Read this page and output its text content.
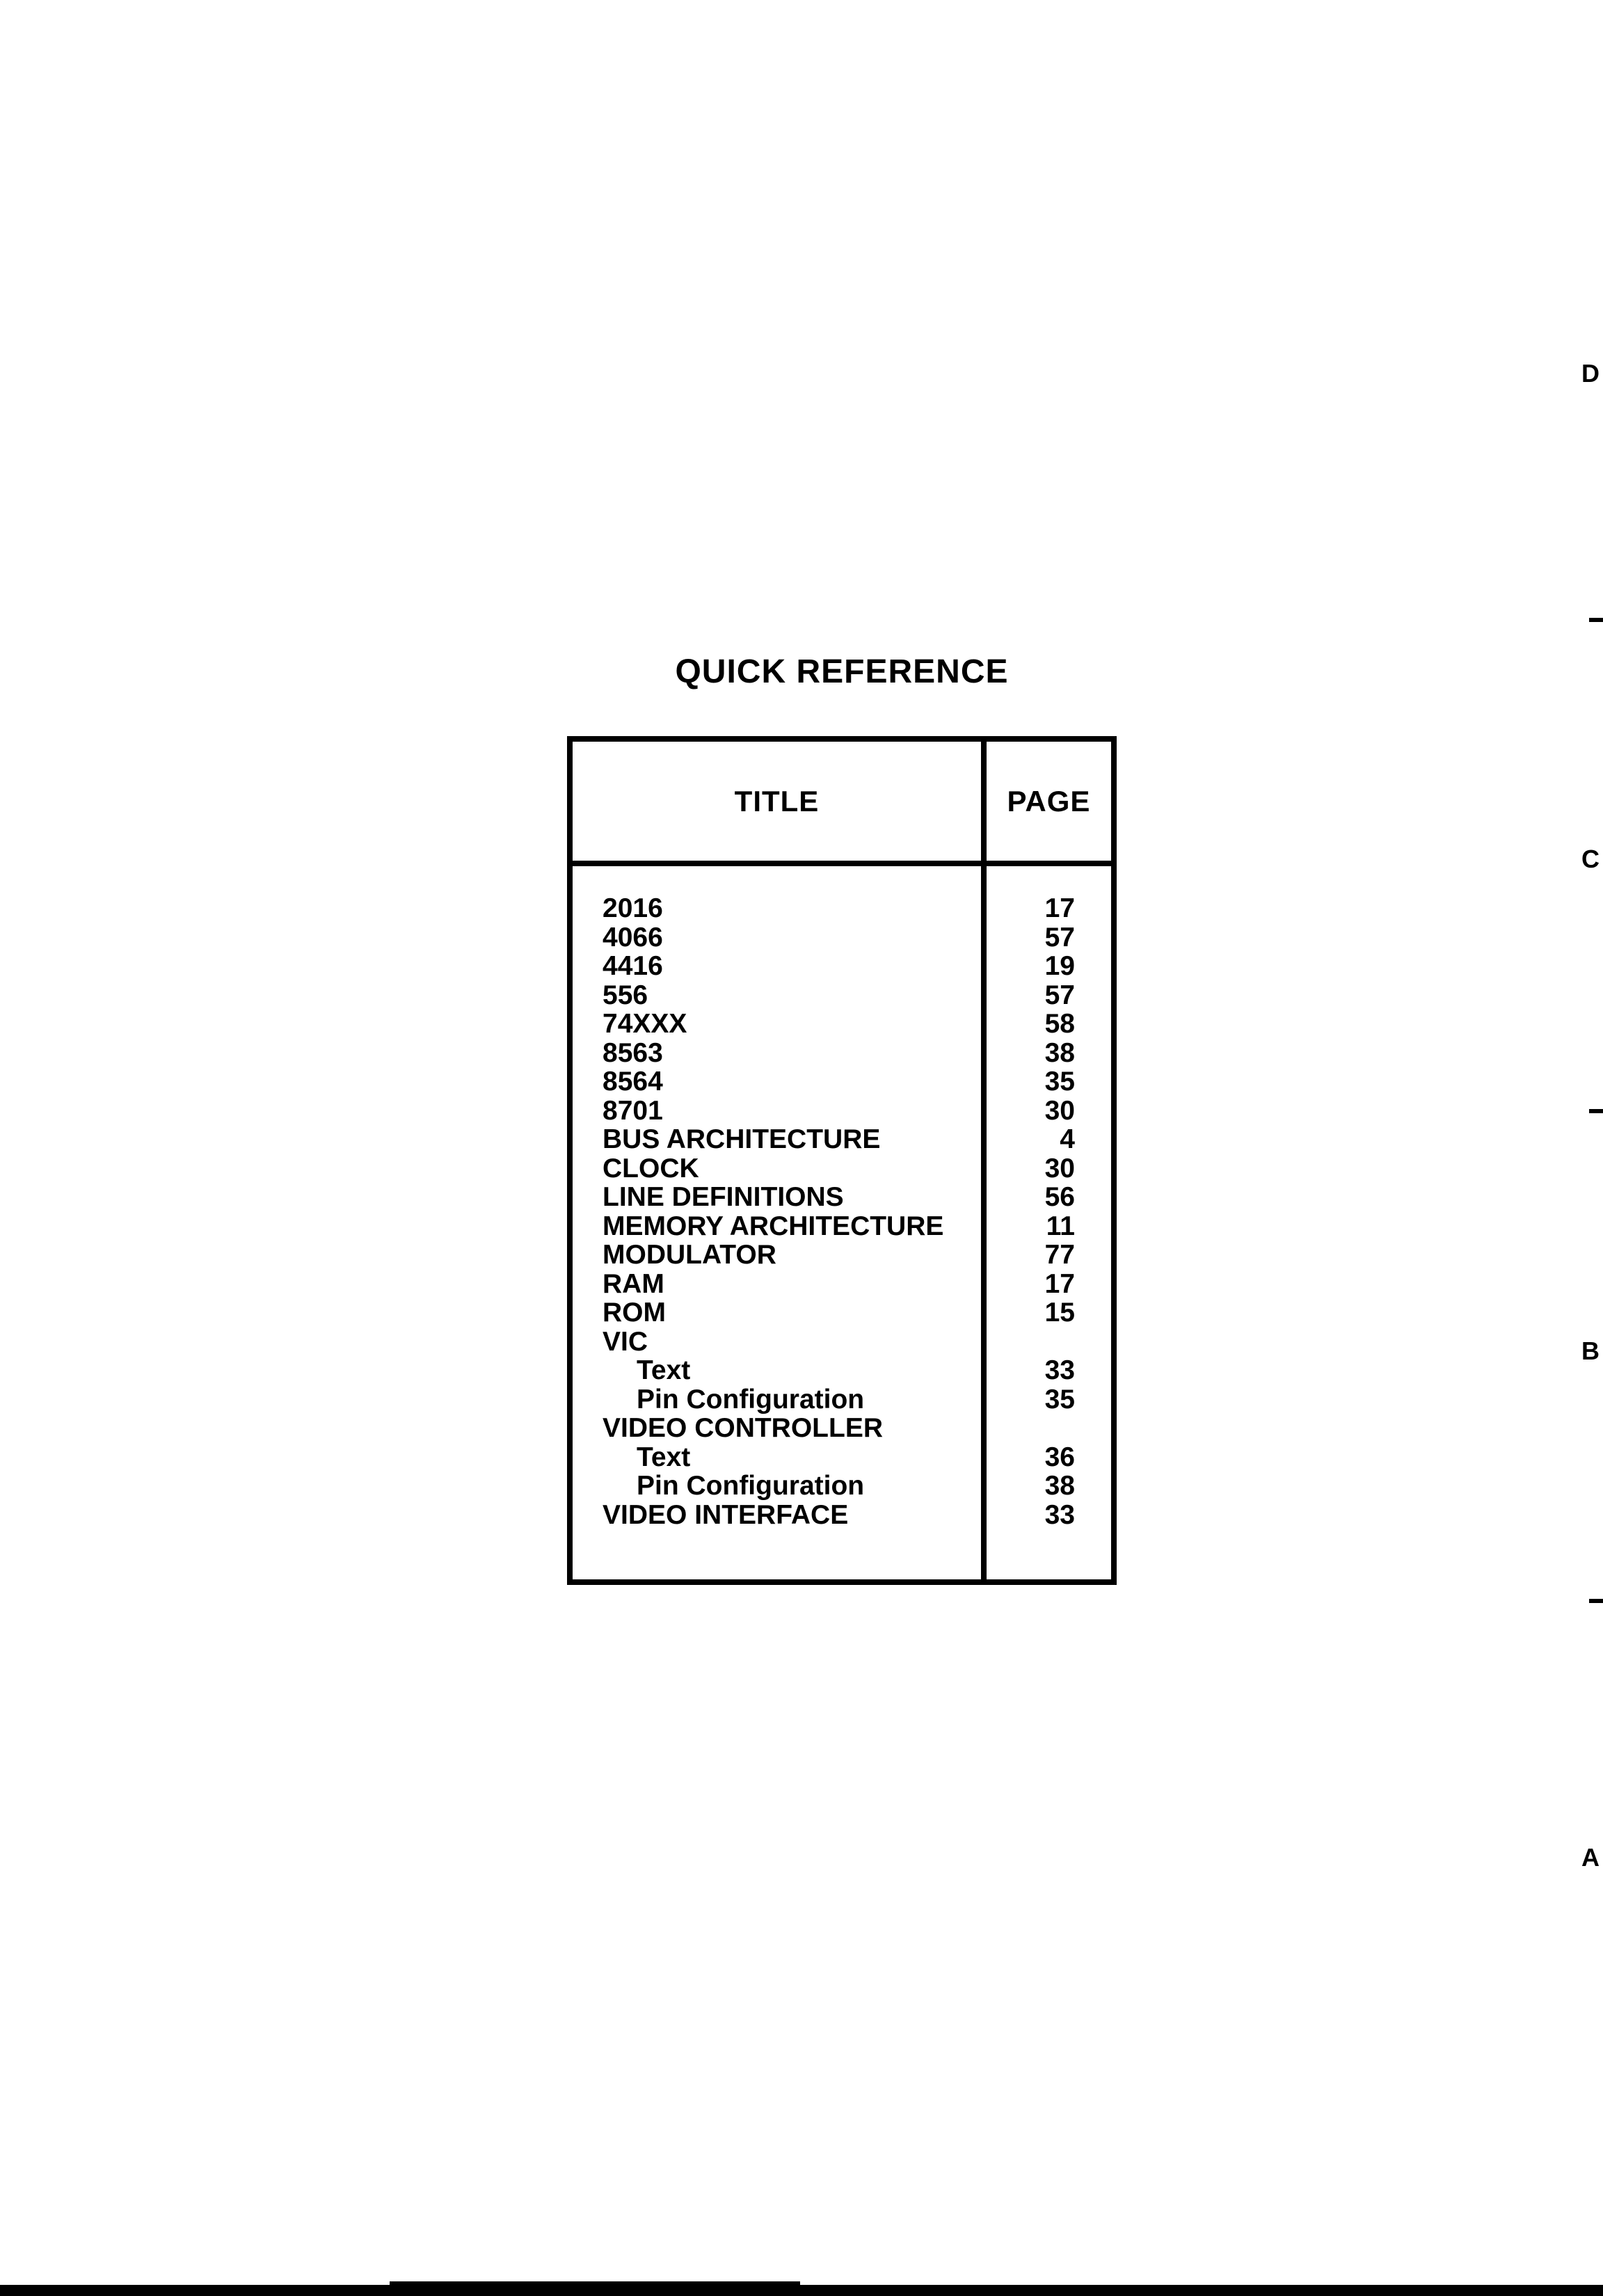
QUICK REFERENCE
TITLE	PAGE
2016	17
4066	57
4416	19
556	57
74XXX	58
8563	38
8564	35
8701	30
BUS ARCHITECTURE	4
CLOCK	30
LINE DEFINITIONS	56
MEMORY ARCHITECTURE	11
MODULATOR	77
RAM	17
ROM	15
VIC
Text	33
Pin Configuration	35
VIDEO CONTROLLER
Text	36
Pin Configuration	38
VIDEO INTERFACE	33
D
C
B
A
